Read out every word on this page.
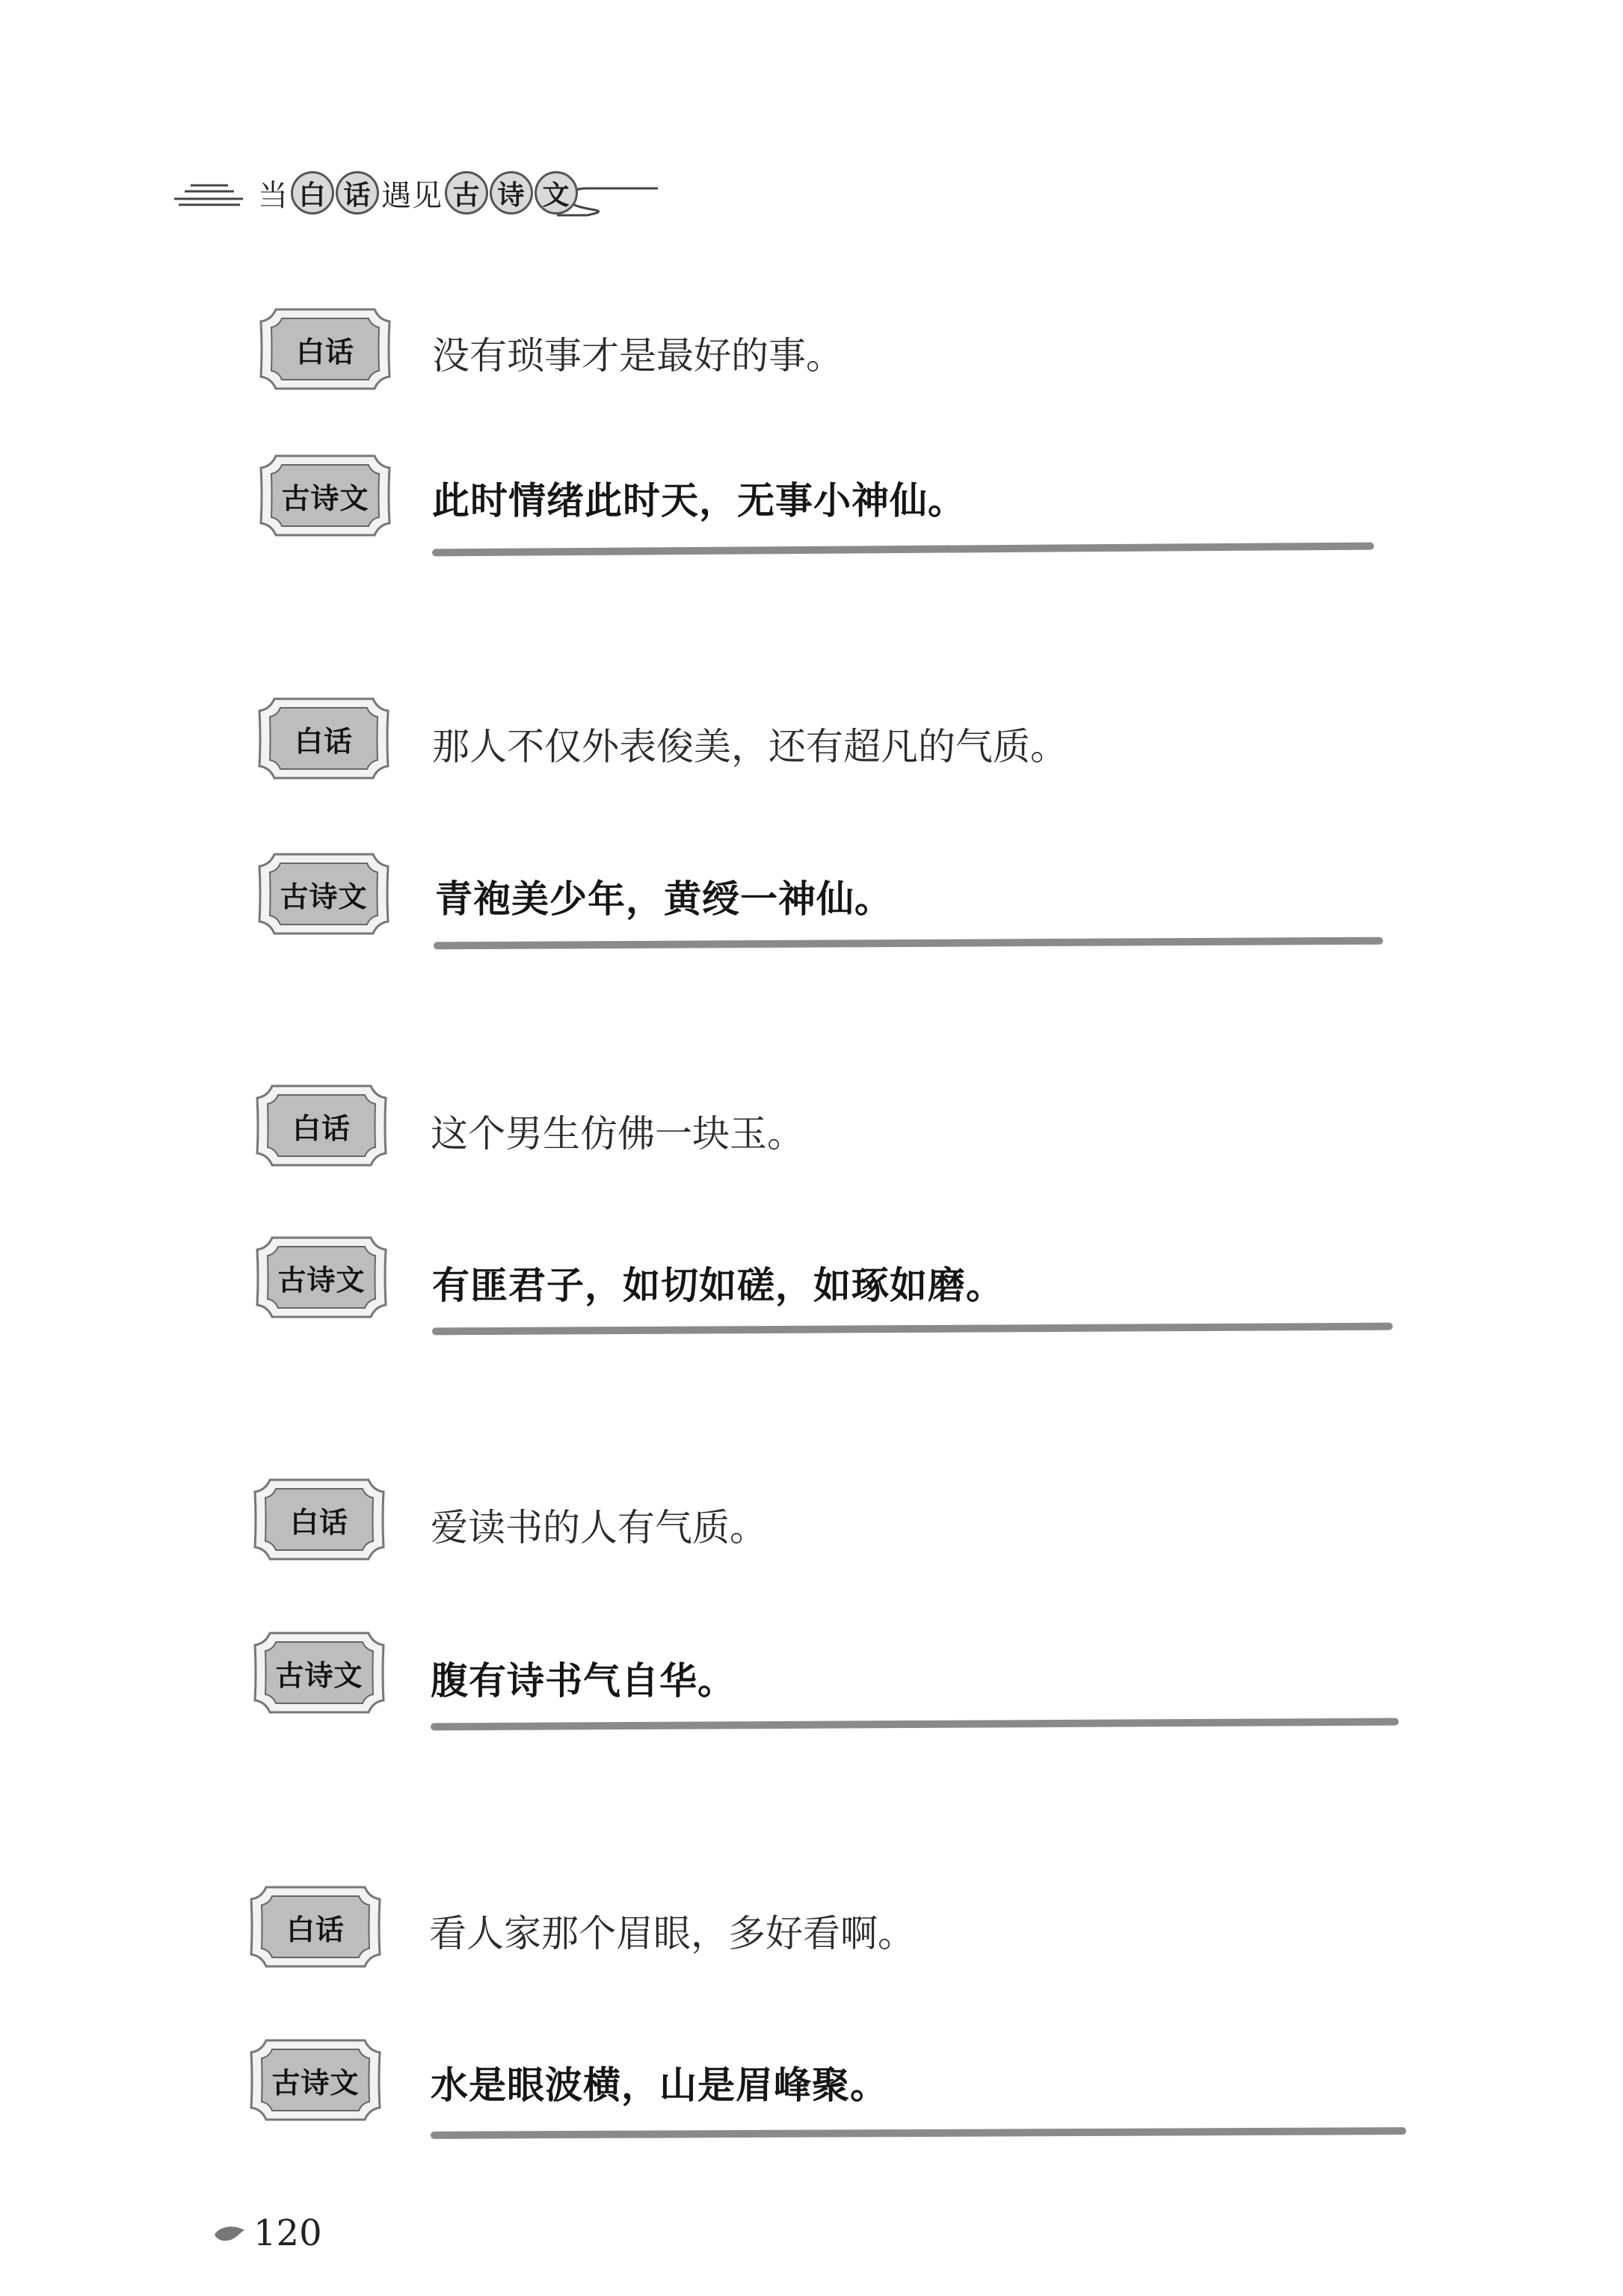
当 白 话 遇见 古 诗 文
白话	没有琐事才是最好的事。
古诗文	此时情绪此时天，无事小神仙。
白话	那人不仅外表俊美，还有超凡的气质。
古诗文	青袍美少年，黄绶一神仙。
白话	这个男生仿佛一块玉。
古诗文	有匪君子，如切如磋，如琢如磨。
白话	爱读书的人有气质。
古诗文	腹有诗书气自华。
白话	看人家那个眉眼，多好看啊。
古诗文	水是眼波横，山是眉峰聚。
120
